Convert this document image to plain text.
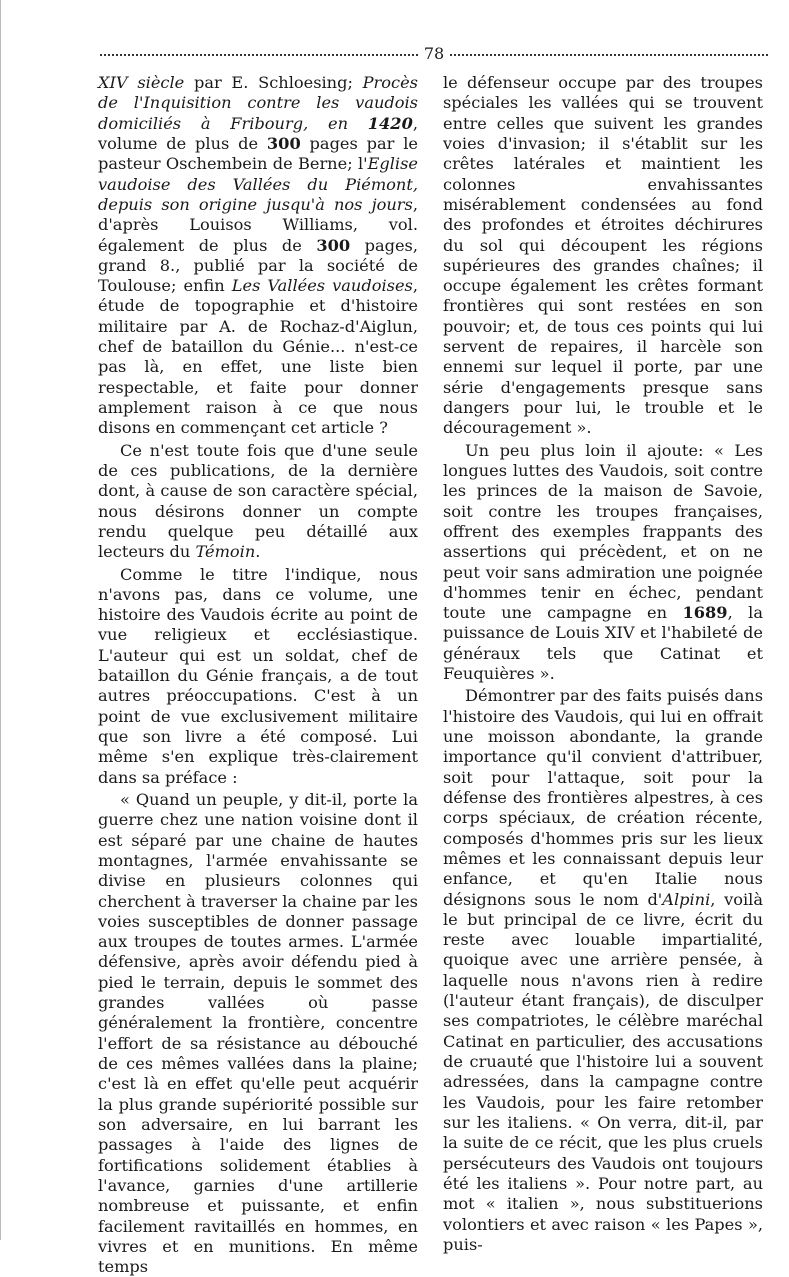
78

XIV siècle par E. Schloesing; Procès de l'Inquisition contre les vaudois domiciliés à Fribourg, en 1420, volume de plus de 300 pages par le pasteur Oschembein de Berne; l'Eglise vaudoise des Vallées du Piémont, depuis son origine jusqu'à nos jours, d'après Louisos Williams, vol. également de plus de 300 pages, grand 8., publié par la société de Toulouse; enfin Les Vallées vaudoises, étude de topographie et d'histoire militaire par A. de Rochaz-d'Aiglun, chef de bataillon du Génie... n'est-ce pas là, en effet, une liste bien respectable, et faite pour donner amplement raison à ce que nous disons en commençant cet article ?

Ce n'est toute fois que d'une seule de ces publications, de la dernière dont, à cause de son caractère spécial, nous désirons donner un compte rendu quelque peu détaillé aux lecteurs du Témoin.

Comme le titre l'indique, nous n'avons pas, dans ce volume, une histoire des Vaudois écrite au point de vue religieux et ecclésiastique. L'auteur qui est un soldat, chef de bataillon du Génie français, a de tout autres préoccupations. C'est à un point de vue exclusivement militaire que son livre a été composé. Lui même s'en explique très-clairement dans sa préface :

« Quand un peuple, y dit-il, porte la guerre chez une nation voisine dont il est séparé par une chaine de hautes montagnes, l'armée envahissante se divise en plusieurs colonnes qui cherchent à traverser la chaine par les voies susceptibles de donner passage aux troupes de toutes armes. L'armée défensive, après avoir défendu pied à pied le terrain, depuis le sommet des grandes vallées où passe généralement la frontière, concentre l'effort de sa résistance au débouché de ces mêmes vallées dans la plaine; c'est là en effet qu'elle peut acquérir la plus grande supériorité possible sur son adversaire, en lui barrant les passages à l'aide des lignes de fortifications solidement établies à l'avance, garnies d'une artillerie nombreuse et puissante, et enfin facilement ravitaillés en hommes, en vivres et en munitions. En même temps

le défenseur occupe par des troupes spéciales les vallées qui se trouvent entre celles que suivent les grandes voies d'invasion; il s'établit sur les crêtes latérales et maintient les colonnes envahissantes misérablement condensées au fond des profondes et étroites déchirures du sol qui découpent les régions supérieures des grandes chaînes; il occupe également les crêtes formant frontières qui sont restées en son pouvoir; et, de tous ces points qui lui servent de repaires, il harcèle son ennemi sur lequel il porte, par une série d'engagements presque sans dangers pour lui, le trouble et le découragement ».

Un peu plus loin il ajoute: « Les longues luttes des Vaudois, soit contre les princes de la maison de Savoie, soit contre les troupes françaises, offrent des exemples frappants des assertions qui précèdent, et on ne peut voir sans admiration une poignée d'hommes tenir en échec, pendant toute une campagne en 1689, la puissance de Louis XIV et l'habileté de généraux tels que Catinat et Feuquières ».

Démontrer par des faits puisés dans l'histoire des Vaudois, qui lui en offrait une moisson abondante, la grande importance qu'il convient d'attribuer, soit pour l'attaque, soit pour la défense des frontières alpestres, à ces corps spéciaux, de création récente, composés d'hommes pris sur les lieux mêmes et les connaissant depuis leur enfance, et qu'en Italie nous désignons sous le nom d'Alpini, voilà le but principal de ce livre, écrit du reste avec louable impartialité, quoique avec une arrière pensée, à laquelle nous n'avons rien à redire (l'auteur étant français), de disculper ses compatriotes, le célèbre maréchal Catinat en particulier, des accusations de cruauté que l'histoire lui a souvent adressées, dans la campagne contre les Vaudois, pour les faire retomber sur les italiens. « On verra, dit-il, par la suite de ce récit, que les plus cruels persécuteurs des Vaudois ont toujours été les italiens ». Pour notre part, au mot « italien », nous substituerions volontiers et avec raison « les Papes », puis-
